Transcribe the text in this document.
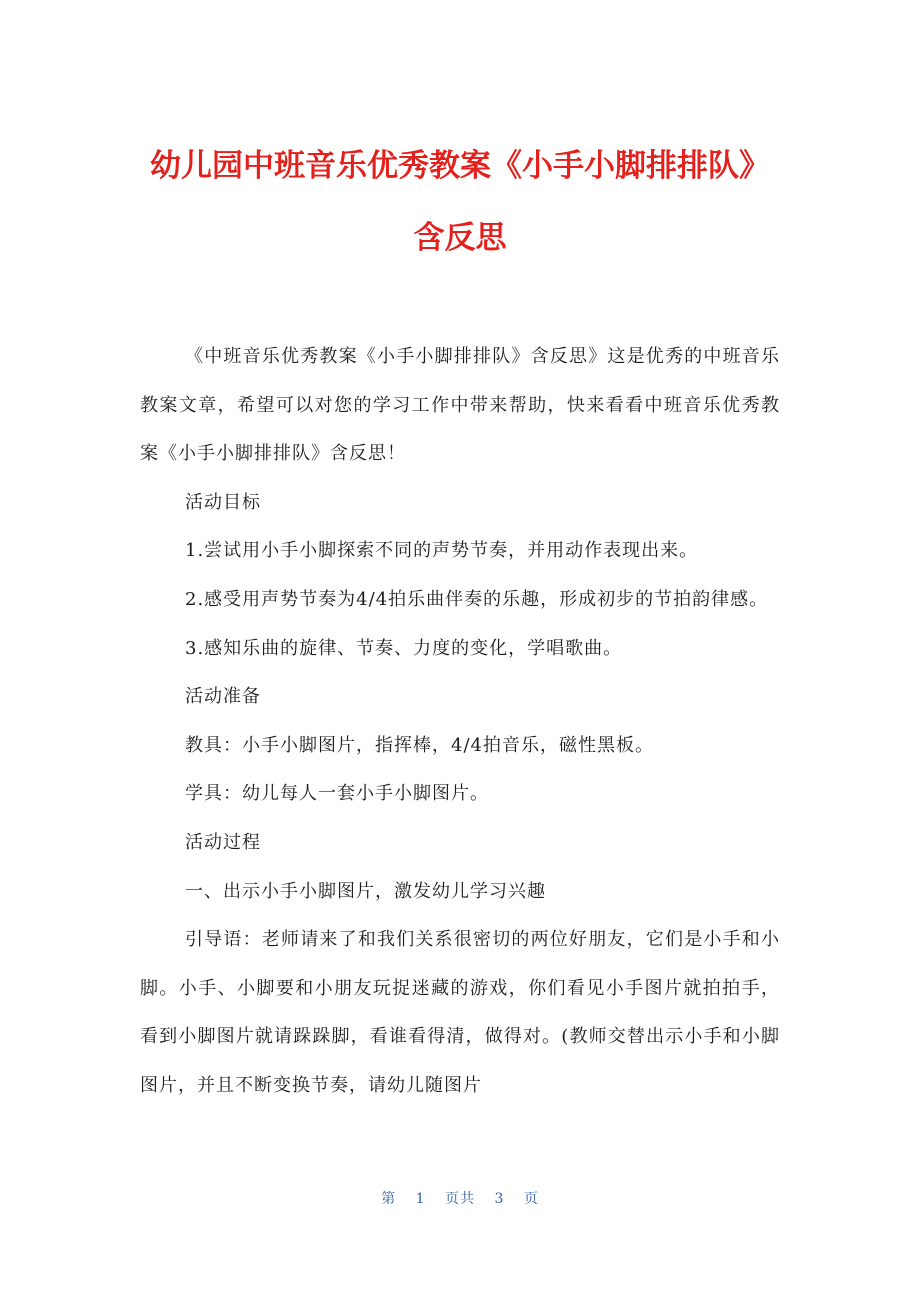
幼儿园中班音乐优秀教案《小手小脚排排队》
含反思

《中班音乐优秀教案《小手小脚排排队》含反思》这是优秀的中班音乐教案文章，希望可以对您的学习工作中带来帮助，快来看看中班音乐优秀教案《小手小脚排排队》含反思！

活动目标

1.尝试用小手小脚探索不同的声势节奏，并用动作表现出来。

2.感受用声势节奏为4/4拍乐曲伴奏的乐趣，形成初步的节拍韵律感。

3.感知乐曲的旋律、节奏、力度的变化，学唱歌曲。

活动准备

教具：小手小脚图片，指挥棒，4/4拍音乐，磁性黑板。

学具：幼儿每人一套小手小脚图片。

活动过程

一、出示小手小脚图片，激发幼儿学习兴趣

引导语：老师请来了和我们关系很密切的两位好朋友，它们是小手和小脚。小手、小脚要和小朋友玩捉迷藏的游戏，你们看见小手图片就拍拍手，看到小脚图片就请跺跺脚，看谁看得清，做得对。(教师交替出示小手和小脚图片，并且不断变换节奏，请幼儿随图片

第 1 页共 3 页
